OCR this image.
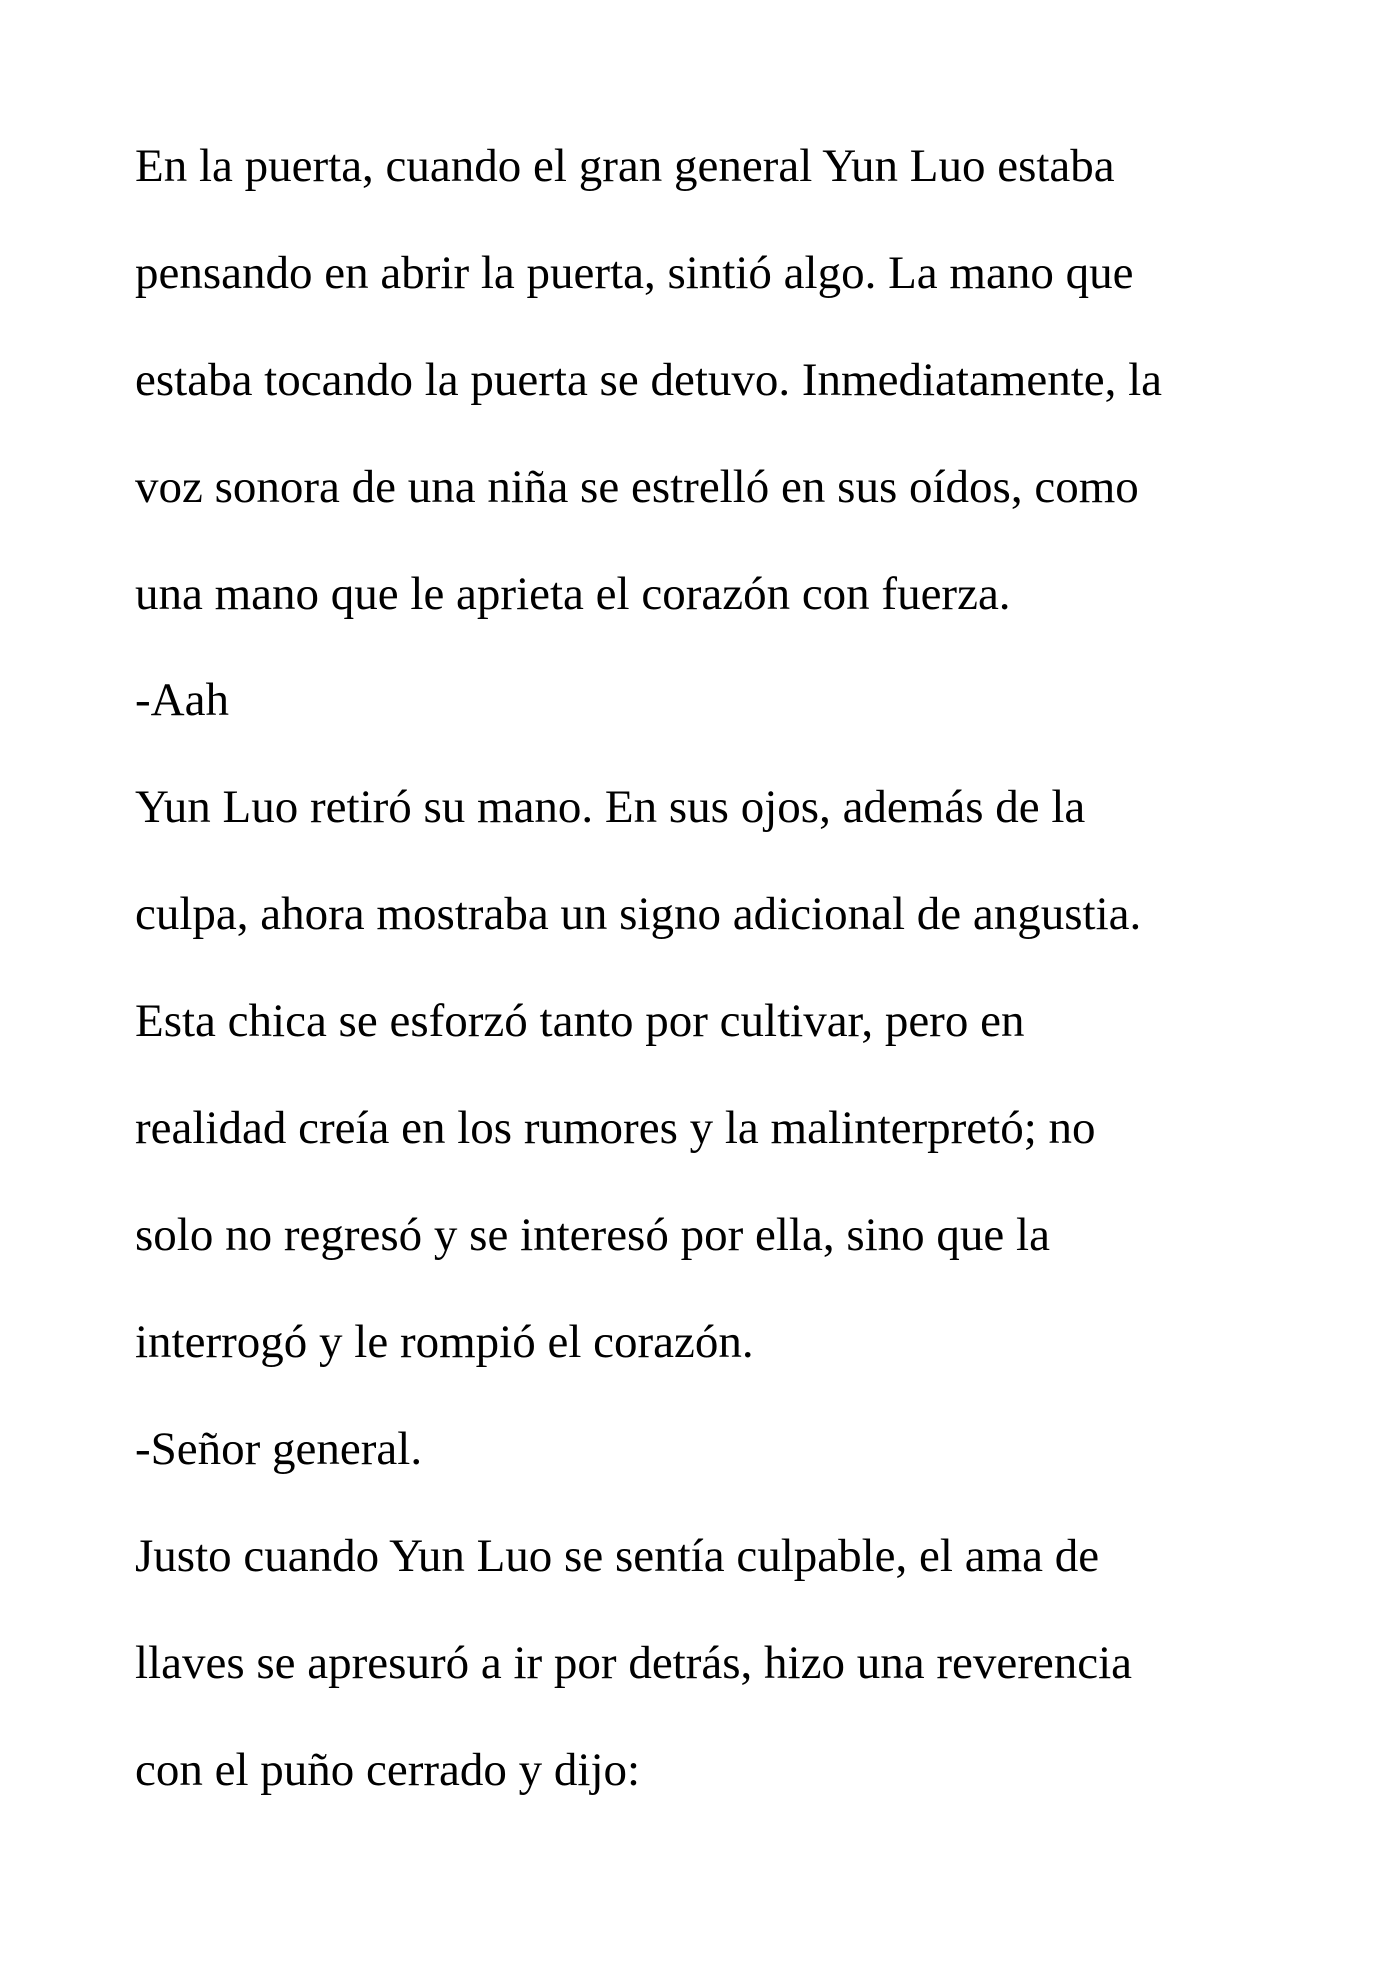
En la puerta, cuando el gran general Yun Luo estaba

pensando en abrir la puerta, sintió algo. La mano que

estaba tocando la puerta se detuvo. Inmediatamente, la

voz sonora de una niña se estrelló en sus oídos, como

una mano que le aprieta el corazón con fuerza.

-Aah

Yun Luo retiró su mano. En sus ojos, además de la

culpa, ahora mostraba un signo adicional de angustia.

Esta chica se esforzó tanto por cultivar, pero en

realidad creía en los rumores y la malinterpretó; no

solo no regresó y se interesó por ella, sino que la

interrogó y le rompió el corazón.

-Señor general.

Justo cuando Yun Luo se sentía culpable, el ama de

llaves se apresuró a ir por detrás, hizo una reverencia

con el puño cerrado y dijo:
